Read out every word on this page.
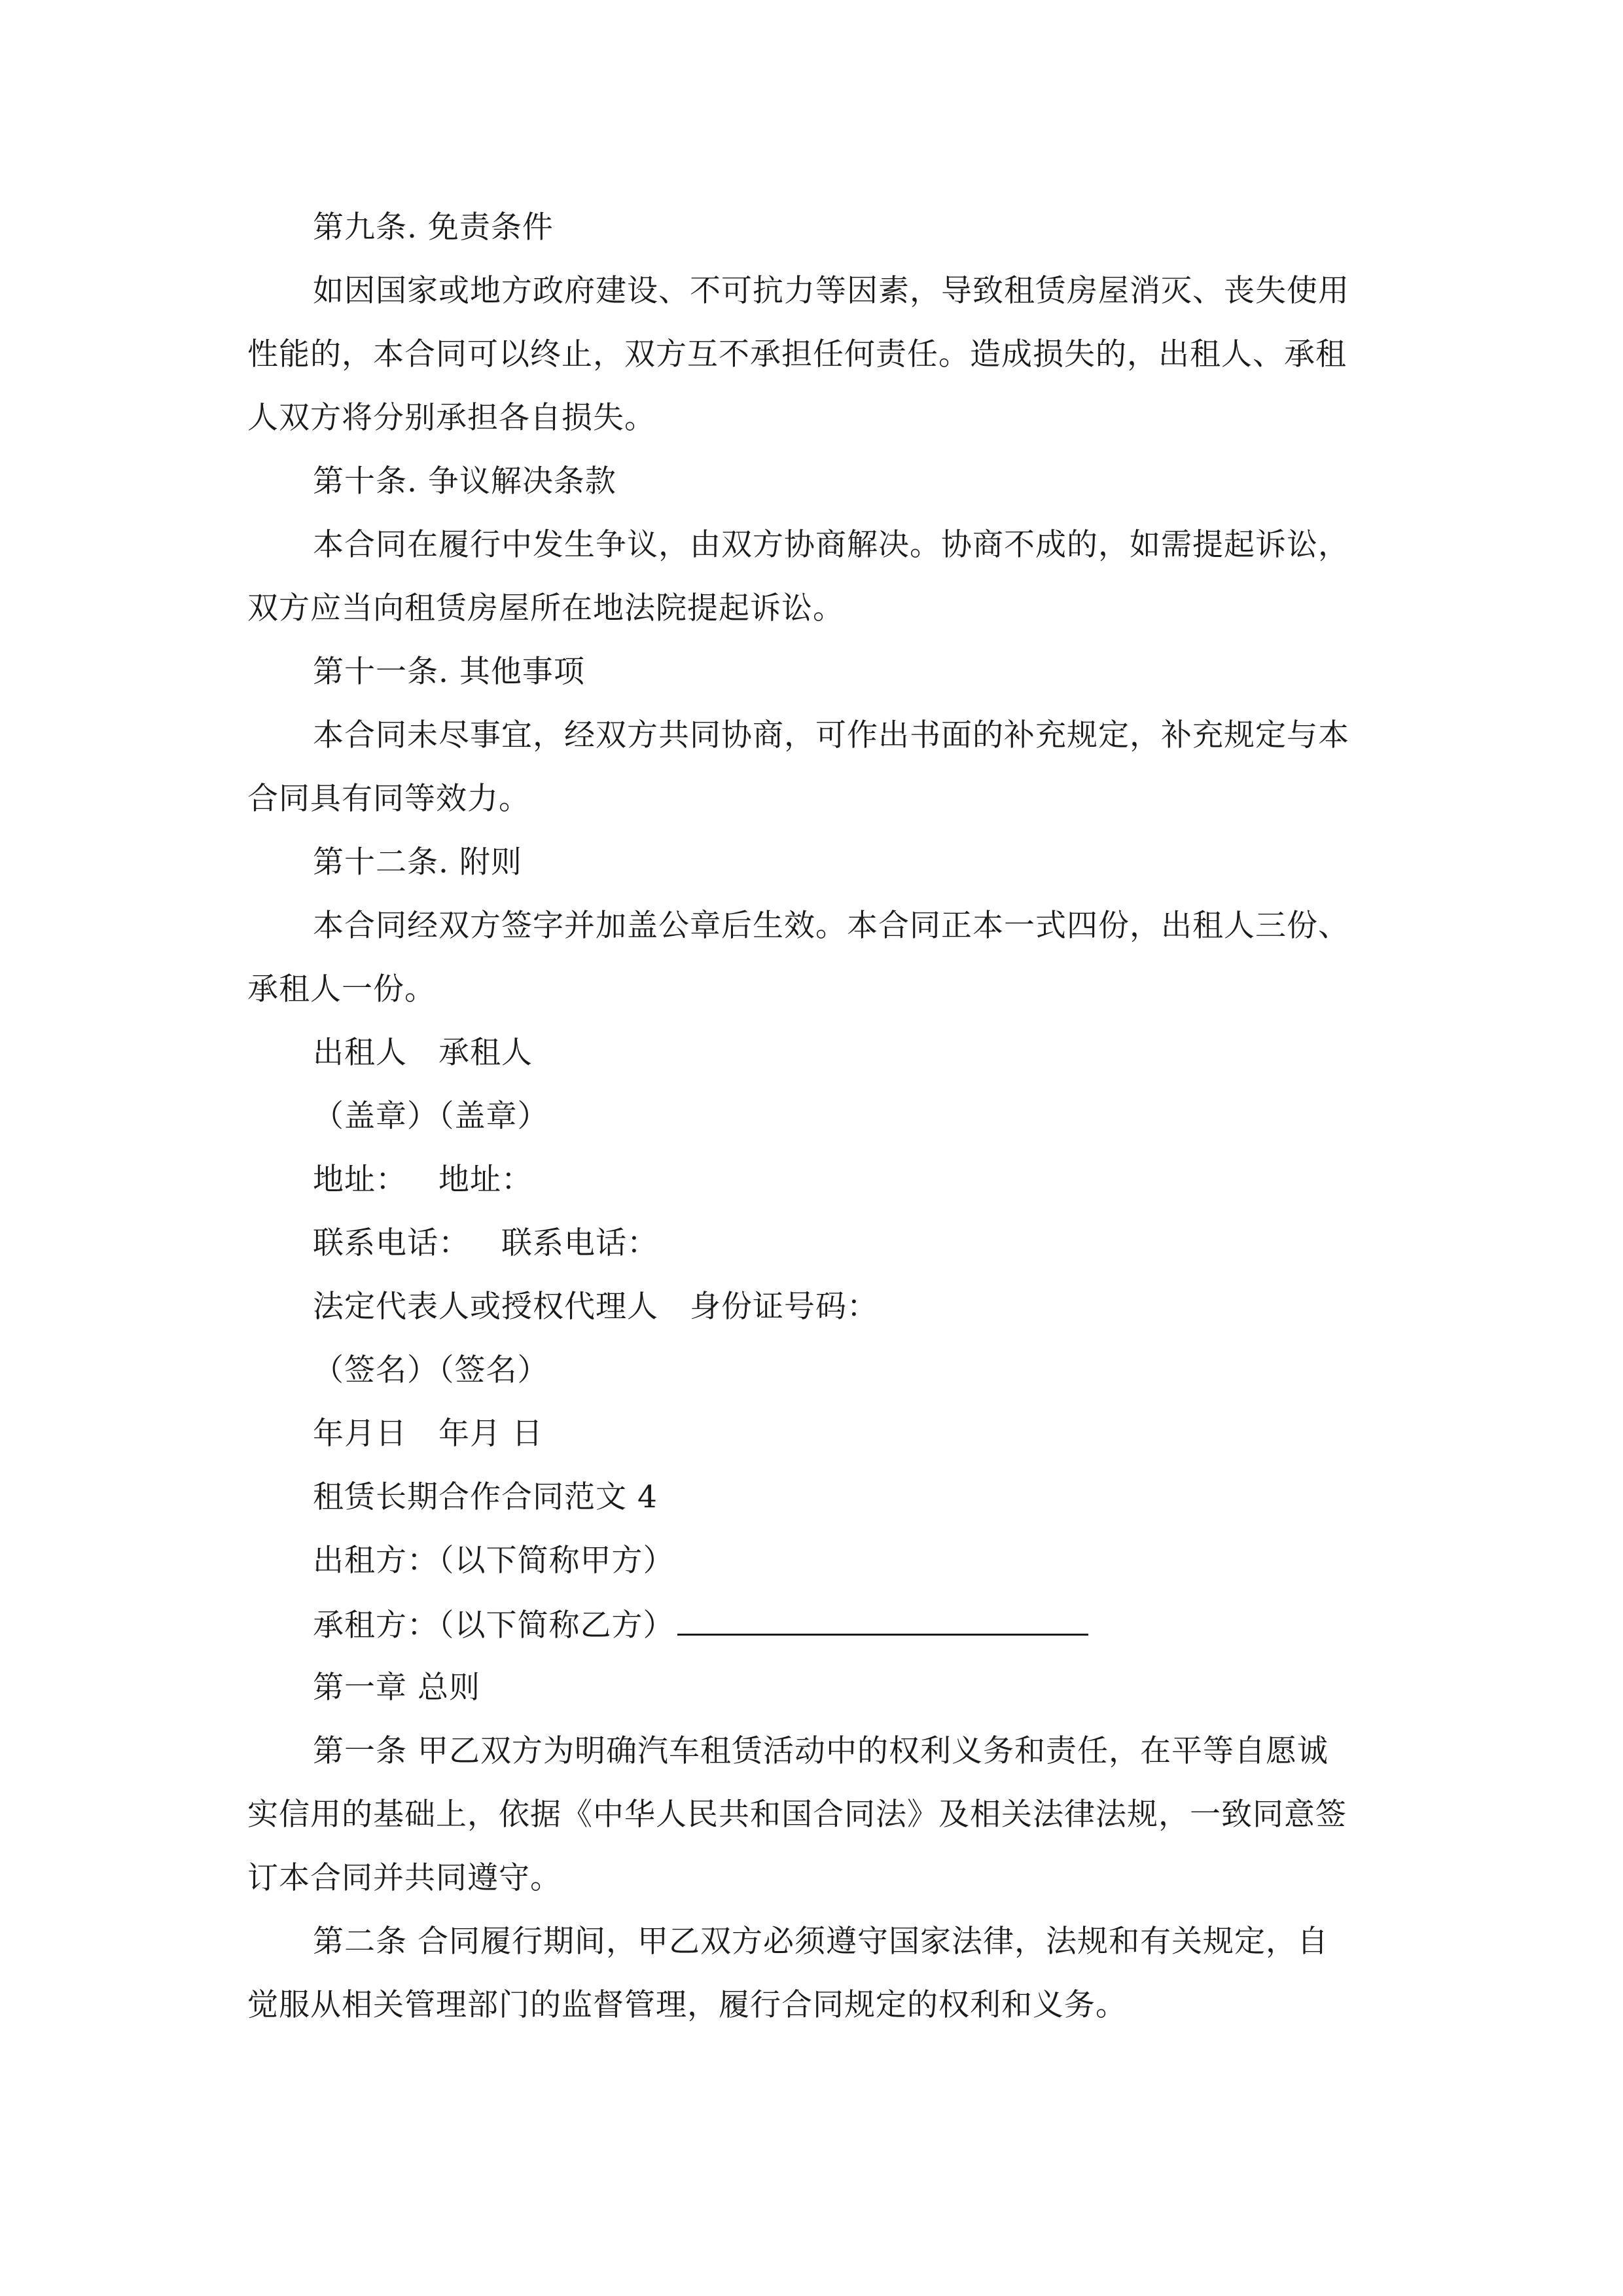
第九条. 免责条件
如因国家或地方政府建设、不可抗力等因素，导致租赁房屋消灭、丧失使用
性能的，本合同可以终止，双方互不承担任何责任。造成损失的，出租人、承租
人双方将分别承担各自损失。
第十条. 争议解决条款
本合同在履行中发生争议，由双方协商解决。协商不成的，如需提起诉讼，
双方应当向租赁房屋所在地法院提起诉讼。
第十一条. 其他事项
本合同未尽事宜，经双方共同协商，可作出书面的补充规定，补充规定与本
合同具有同等效力。
第十二条. 附则
本合同经双方签字并加盖公章后生效。本合同正本一式四份，出租人三份、
承租人一份。
出租人 承租人
（盖章）（盖章）
地址： 地址：
联系电话： 联系电话：
法定代表人或授权代理人 身份证号码：
（签名）（签名）
年月日 年月 日
租赁长期合作合同范文 4
出租方：（以下简称甲方）
承租方：（以下简称乙方）
第一章 总则
第一条 甲乙双方为明确汽车租赁活动中的权利义务和责任，在平等自愿诚
实信用的基础上，依据《中华人民共和国合同法》及相关法律法规，一致同意签
订本合同并共同遵守。
第二条 合同履行期间，甲乙双方必须遵守国家法律，法规和有关规定，自
觉服从相关管理部门的监督管理，履行合同规定的权利和义务。
